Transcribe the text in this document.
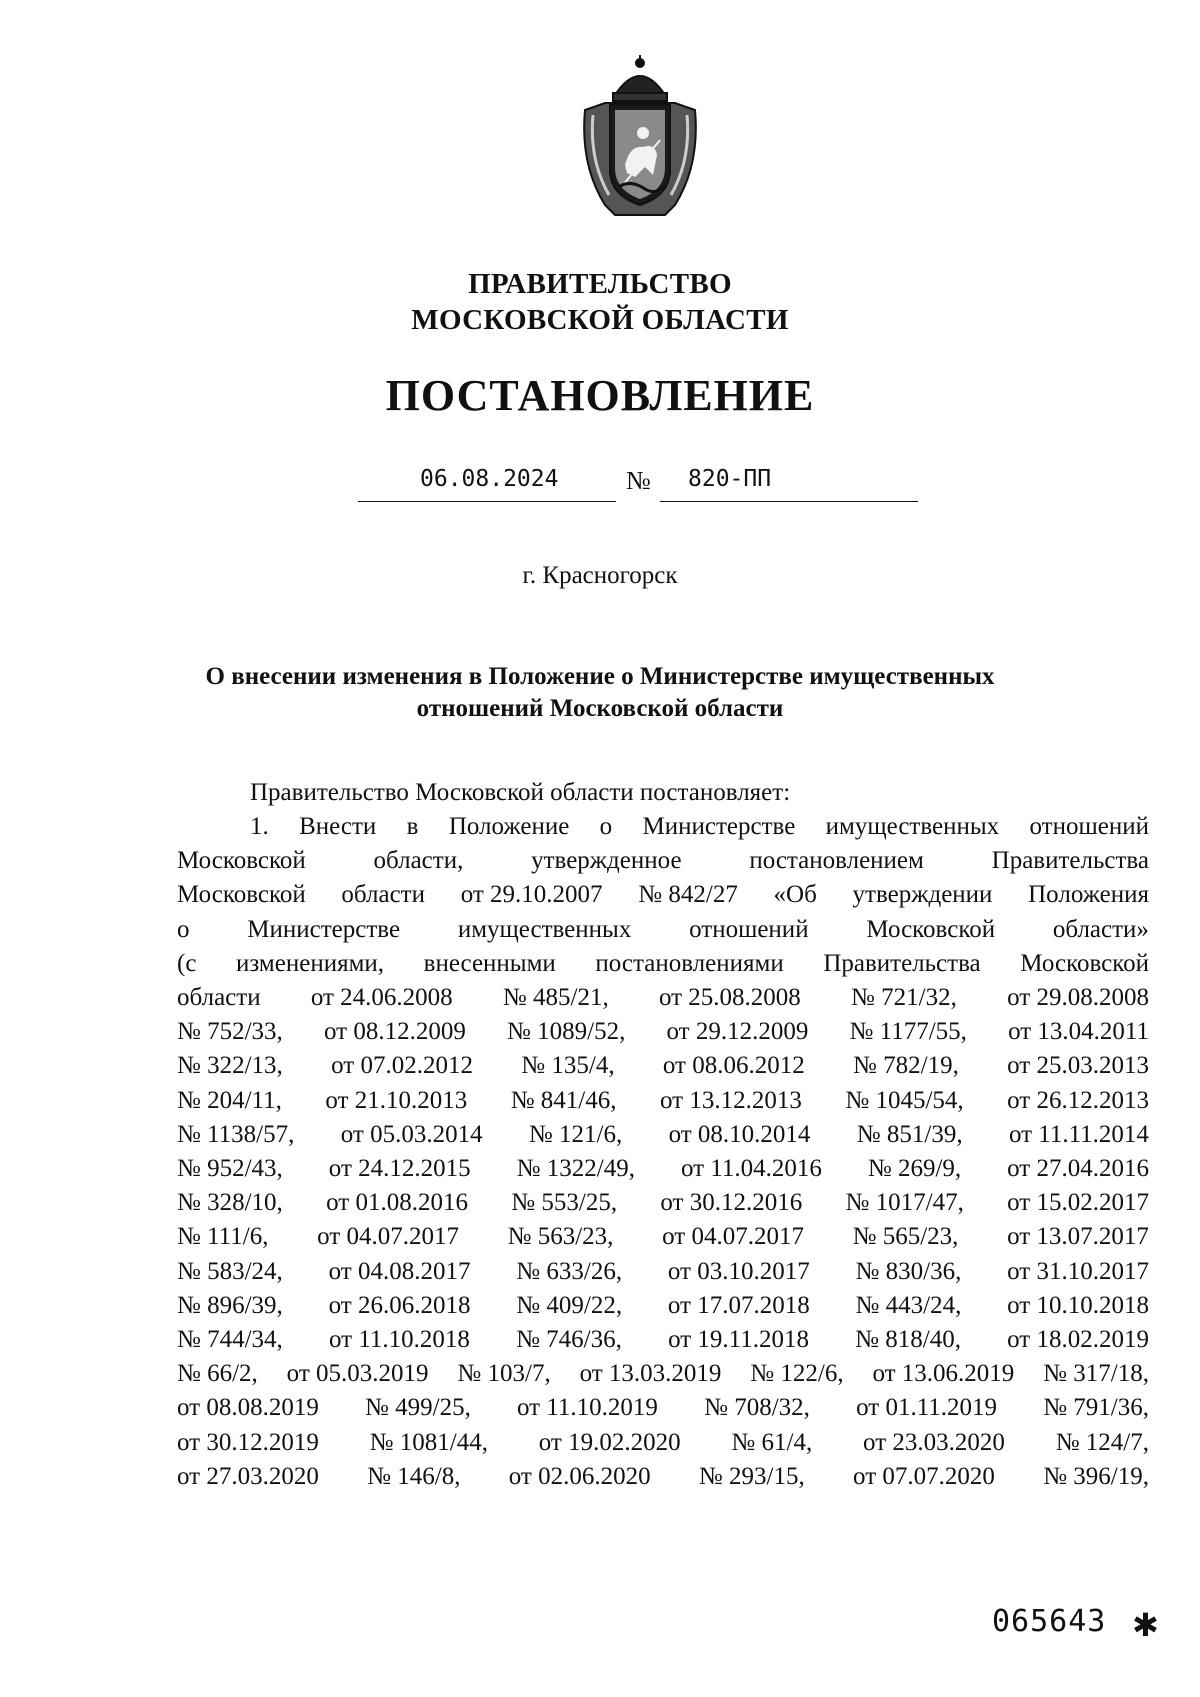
ПРАВИТЕЛЬСТВО
МОСКОВСКОЙ ОБЛАСТИ
ПОСТАНОВЛЕНИЕ
06.08.2024	№ 820-ПП
г. Красногорск
О внесении изменения в Положение о Министерстве имущественных
отношений Московской области
Правительство Московской области постановляет:
1. Внести в Положение о Министерстве имущественных отношений
Московской	области,	утвержденное	постановлением	Правительства
Московской области от 29.10.2007 № 842/27 «Об утверждении Положения
о Министерстве имущественных отношений Московской области»
(с изменениями, внесенными постановлениями Правительства Московской
области от 24.06.2008 № 485/21, от 25.08.2008 № 721/32, от 29.08.2008
№ 752/33, от 08.12.2009 № 1089/52, от 29.12.2009 № 1177/55, от 13.04.2011
№ 322/13, от 07.02.2012 № 135/4, от 08.06.2012 № 782/19, от 25.03.2013
№ 204/11, от 21.10.2013 № 841/46, от 13.12.2013 № 1045/54, от 26.12.2013
№ 1138/57, от 05.03.2014 № 121/6, от 08.10.2014 № 851/39, от 11.11.2014
№ 952/43, от 24.12.2015 № 1322/49, от 11.04.2016 № 269/9, от 27.04.2016
№ 328/10, от 01.08.2016 № 553/25, от 30.12.2016 № 1017/47, от 15.02.2017
№ 111/6, от 04.07.2017 № 563/23, от 04.07.2017 № 565/23, от 13.07.2017
№ 583/24, от 04.08.2017 № 633/26, от 03.10.2017 № 830/36, от 31.10.2017
№ 896/39, от 26.06.2018 № 409/22, от 17.07.2018 № 443/24, от 10.10.2018
№ 744/34, от 11.10.2018 № 746/36, от 19.11.2018 № 818/40, от 18.02.2019
№ 66/2, от 05.03.2019 № 103/7, от 13.03.2019 № 122/6, от 13.06.2019 № 317/18,
от 08.08.2019 № 499/25, от 11.10.2019 № 708/32, от 01.11.2019 № 791/36,
от 30.12.2019 № 1081/44, от 19.02.2020 № 61/4, от 23.03.2020 № 124/7,
от 27.03.2020 № 146/8, от 02.06.2020 № 293/15, от 07.07.2020 № 396/19,
065643 ✱
